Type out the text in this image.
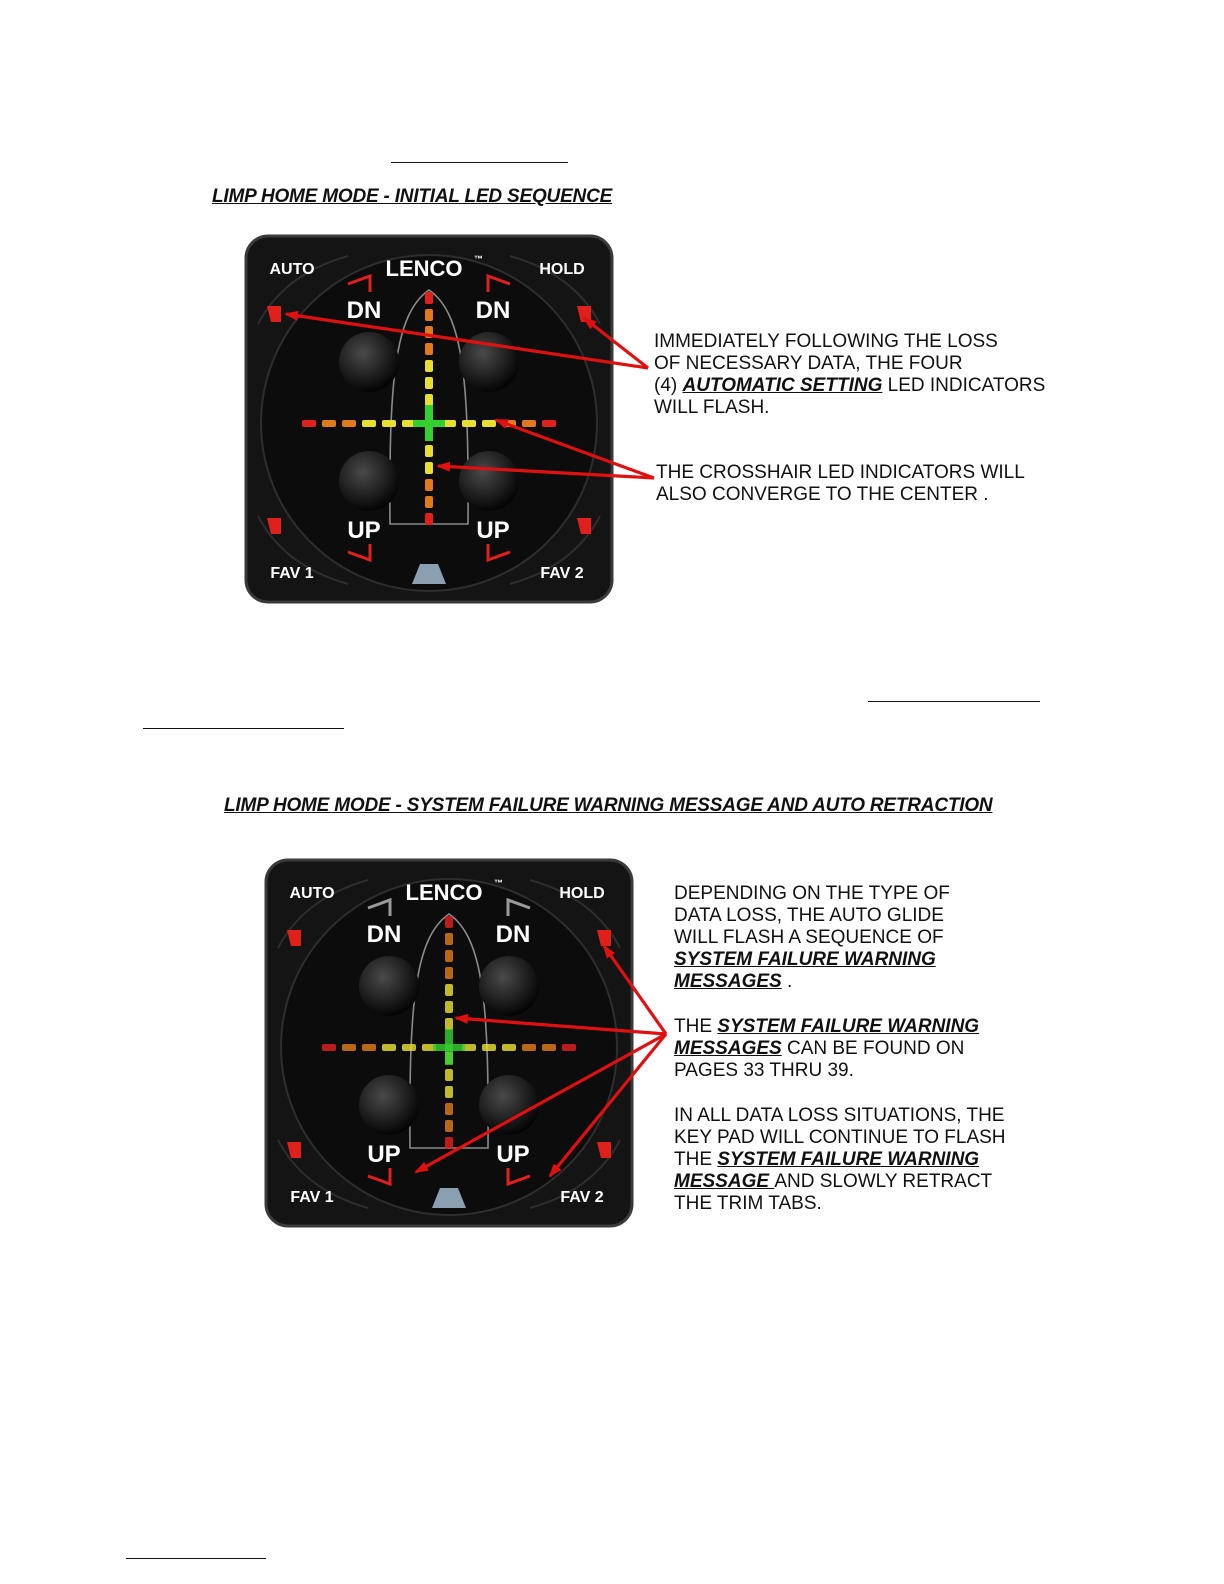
LIMP HOME MODE - INITIAL LED SEQUENCE
AUTO	HOLD
FAV 1	FAV 2
LENCO ™
DN	DN
UP	UP
IMMEDIATELY FOLLOWING THE LOSS
OF NECESSARY DATA, THE FOUR
(4) AUTOMATIC SETTING LED INDICATORS
WILL FLASH.
THE CROSSHAIR LED INDICATORS WILL
ALSO CONVERGE TO THE CENTER .
LIMP HOME MODE - SYSTEM FAILURE WARNING MESSAGE AND AUTO RETRACTION
AUTO	HOLD
FAV 1	FAV 2
LENCO ™
DN	DN
UP	UP
DEPENDING ON THE TYPE OF
DATA LOSS, THE AUTO GLIDE
WILL FLASH A SEQUENCE OF
SYSTEM FAILURE WARNING
MESSAGES .
THE SYSTEM FAILURE WARNING
MESSAGES CAN BE FOUND ON
PAGES 33 THRU 39.
IN ALL DATA LOSS SITUATIONS, THE
KEY PAD WILL CONTINUE TO FLASH
THE SYSTEM FAILURE WARNING
MESSAGE AND SLOWLY RETRACT
THE TRIM TABS.
